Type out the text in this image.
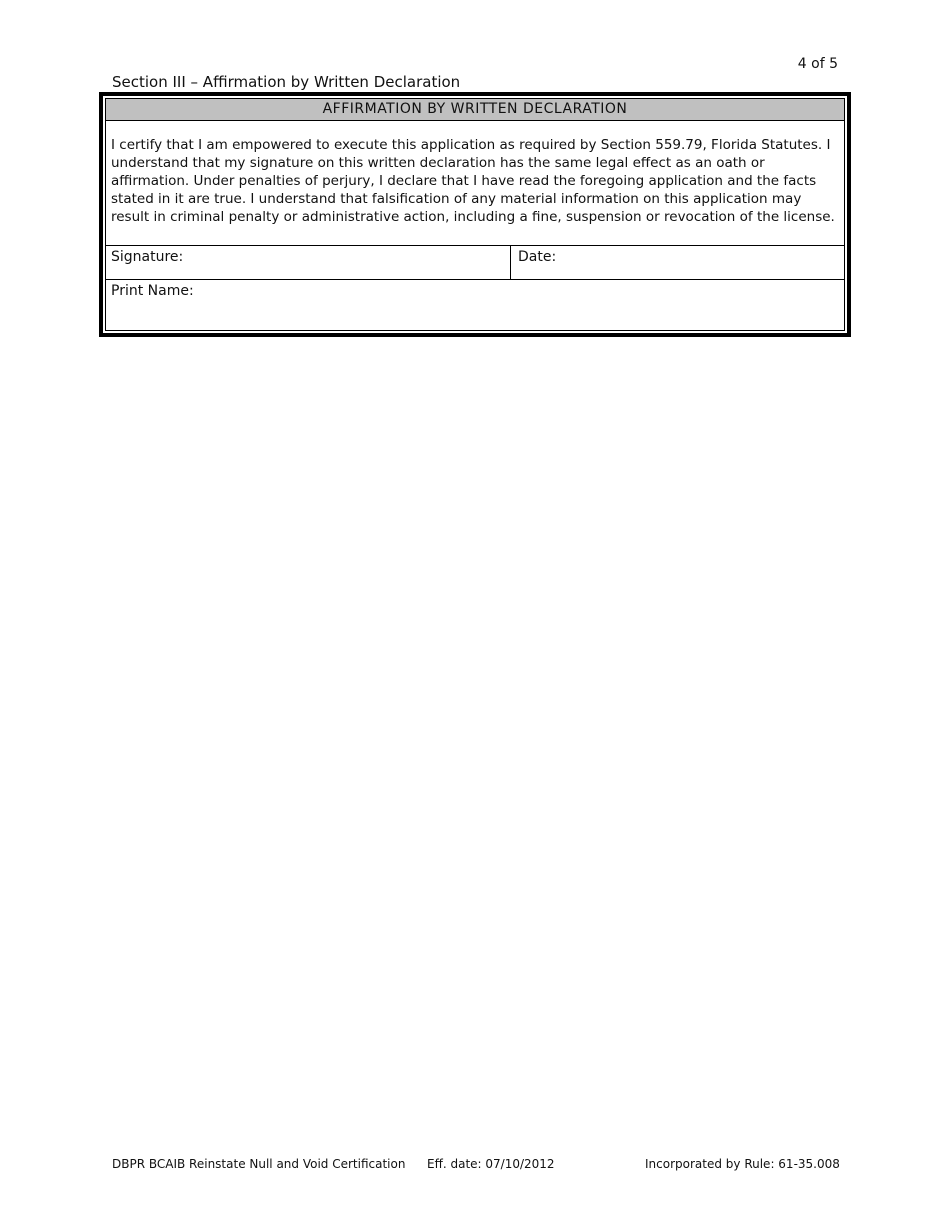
4 of 5
Section III – Affirmation by Written Declaration
AFFIRMATION BY WRITTEN DECLARATION
I certify that I am empowered to execute this application as required by Section 559.79, Florida Statutes. I understand that my signature on this written declaration has the same legal effect as an oath or affirmation. Under penalties of perjury, I declare that I have read the foregoing application and the facts stated in it are true. I understand that falsification of any material information on this application may result in criminal penalty or administrative action, including a fine, suspension or revocation of the license.
Signature:	Date:
Print Name:
DBPR BCAIB Reinstate Null and Void Certification Eff. date: 07/10/2012	Incorporated by Rule: 61-35.008
